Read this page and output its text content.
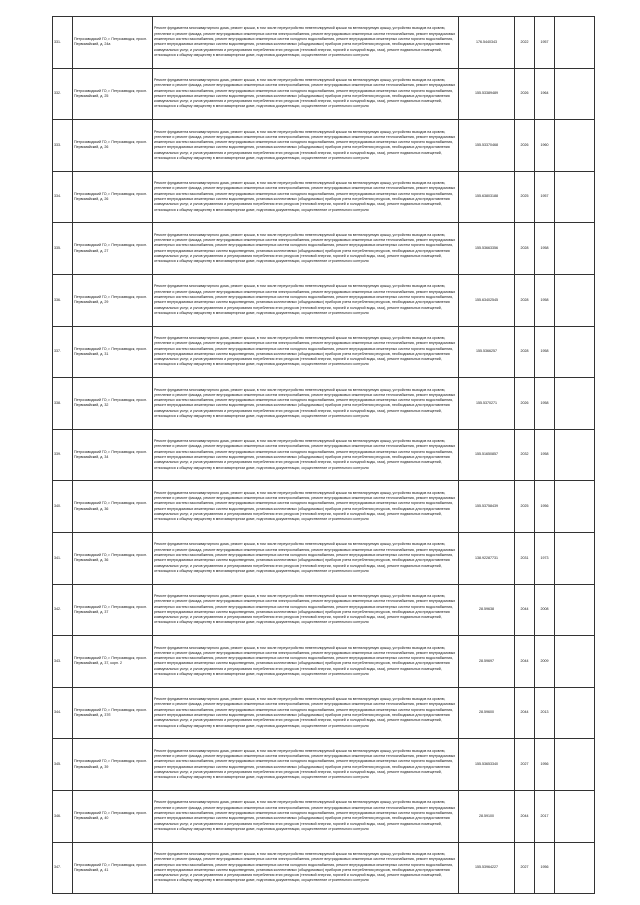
331.	Петрозаводский ГО, г. Петрозаводск, просп. Первомайский, д. 24а	Ремонт фундамента многоквартирного дома, ремонт крыши, в том числе переустройство невентилируемой крыши на вентилируемую крышу, устройство выходов на кровлю, утепление и ремонт фасада, ремонт внутридомовых инженерных систем электроснабжения, ремонт внутридомовых инженерных систем теплоснабжения, ремонт внутридомовых инженерных систем газоснабжения, ремонт внутридомовых инженерных систем холодного водоснабжения, ремонт внутридомовых инженерных систем горячего водоснабжения, ремонт внутридомовых инженерных систем водоотведения, установка коллективных (общедомовых) приборов учета потребления ресурсов, необходимых для предоставления коммунальных услуг, и узлов управления и регулирования потребления этих ресурсов (тепловой энергии, горячей и холодной воды, газа), ремонт подвальных помещений, относящихся к общему имуществу в многоквартирном доме, подготовка документации, осуществление строительного контроля	176.5440343	2022	1957	
332.	Петрозаводский ГО, г. Петрозаводск, просп. Первомайский, д. 25	Ремонт фундамента многоквартирного дома, ремонт крыши, в том числе переустройство невентилируемой крыши на вентилируемую крышу, устройство выходов на кровлю, утепление и ремонт фасада, ремонт внутридомовых инженерных систем электроснабжения, ремонт внутридомовых инженерных систем теплоснабжения, ремонт внутридомовых инженерных систем газоснабжения, ремонт внутридомовых инженерных систем холодного водоснабжения, ремонт внутридомовых инженерных систем горячего водоснабжения, ремонт внутридомовых инженерных систем водоотведения, установка коллективных (общедомовых) приборов учета потребления ресурсов, необходимых для предоставления коммунальных услуг, и узлов управления и регулирования потребления этих ресурсов (тепловой энергии, горячей и холодной воды, газа), ремонт подвальных помещений, относящихся к общему имуществу в многоквартирном доме, подготовка документации, осуществление строительного контроля	155.53389489	2026	1964	
333.	Петрозаводский ГО, г. Петрозаводск, просп. Первомайский, д. 26	Ремонт фундамента многоквартирного дома, ремонт крыши, в том числе переустройство невентилируемой крыши на вентилируемую крышу, устройство выходов на кровлю, утепление и ремонт фасада, ремонт внутридомовых инженерных систем электроснабжения, ремонт внутридомовых инженерных систем теплоснабжения, ремонт внутридомовых инженерных систем газоснабжения, ремонт внутридомовых инженерных систем холодного водоснабжения, ремонт внутридомовых инженерных систем горячего водоснабжения, ремонт внутридомовых инженерных систем водоотведения, установка коллективных (общедомовых) приборов учета потребления ресурсов, необходимых для предоставления коммунальных услуг, и узлов управления и регулирования потребления этих ресурсов (тепловой энергии, горячей и холодной воды, газа), ремонт подвальных помещений, относящихся к общему имуществу в многоквартирном доме, подготовка документации, осуществление строительного контроля	155.53370468	2026	1960	
334.	Петрозаводский ГО, г. Петрозаводск, просп. Первомайский, д. 26	Ремонт фундамента многоквартирного дома, ремонт крыши, в том числе переустройство невентилируемой крыши на вентилируемую крышу, устройство выходов на кровлю, утепление и ремонт фасада, ремонт внутридомовых инженерных систем электроснабжения, ремонт внутридомовых инженерных систем теплоснабжения, ремонт внутридомовых инженерных систем газоснабжения, ремонт внутридомовых инженерных систем холодного водоснабжения, ремонт внутридомовых инженерных систем горячего водоснабжения, ремонт внутридомовых инженерных систем водоотведения, установка коллективных (общедомовых) приборов учета потребления ресурсов, необходимых для предоставления коммунальных услуг, и узлов управления и регулирования потребления этих ресурсов (тепловой энергии, горячей и холодной воды, газа), ремонт подвальных помещений, относящихся к общему имуществу в многоквартирном доме, подготовка документации, осуществление строительного контроля	155.63803188	2025	1957	
335.	Петрозаводский ГО, г. Петрозаводск, просп. Первомайский, д. 27	Ремонт фундамента многоквартирного дома, ремонт крыши, в том числе переустройство невентилируемой крыши на вентилируемую крышу, устройство выходов на кровлю, утепление и ремонт фасада, ремонт внутридомовых инженерных систем электроснабжения, ремонт внутридомовых инженерных систем теплоснабжения, ремонт внутридомовых инженерных систем газоснабжения, ремонт внутридомовых инженерных систем холодного водоснабжения, ремонт внутридомовых инженерных систем горячего водоснабжения, ремонт внутридомовых инженерных систем водоотведения, установка коллективных (общедомовых) приборов учета потребления ресурсов, необходимых для предоставления коммунальных услуг, и узлов управления и регулирования потребления этих ресурсов (тепловой энергии, горячей и холодной воды, газа), ремонт подвальных помещений, относящихся к общему имуществу в многоквартирном доме, подготовка документации, осуществление строительного контроля	155.53663356	2028	1958	
336.	Петрозаводский ГО, г. Петрозаводск, просп. Первомайский, д. 29	Ремонт фундамента многоквартирного дома, ремонт крыши, в том числе переустройство невентилируемой крыши на вентилируемую крышу, устройство выходов на кровлю, утепление и ремонт фасада, ремонт внутридомовых инженерных систем электроснабжения, ремонт внутридомовых инженерных систем теплоснабжения, ремонт внутридомовых инженерных систем газоснабжения, ремонт внутридомовых инженерных систем холодного водоснабжения, ремонт внутридомовых инженерных систем горячего водоснабжения, ремонт внутридомовых инженерных систем водоотведения, установка коллективных (общедомовых) приборов учета потребления ресурсов, необходимых для предоставления коммунальных услуг, и узлов управления и регулирования потребления этих ресурсов (тепловой энергии, горячей и холодной воды, газа), ремонт подвальных помещений, относящихся к общему имуществу в многоквартирном доме, подготовка документации, осуществление строительного контроля	155.63402545	2028	1958	
337.	Петрозаводский ГО, г. Петрозаводск, просп. Первомайский, д. 31	Ремонт фундамента многоквартирного дома, ремонт крыши, в том числе переустройство невентилируемой крыши на вентилируемую крышу, устройство выходов на кровлю, утепление и ремонт фасада, ремонт внутридомовых инженерных систем электроснабжения, ремонт внутридомовых инженерных систем теплоснабжения, ремонт внутридомовых инженерных систем газоснабжения, ремонт внутридомовых инженерных систем холодного водоснабжения, ремонт внутридомовых инженерных систем горячего водоснабжения, ремонт внутридомовых инженерных систем водоотведения, установка коллективных (общедомовых) приборов учета потребления ресурсов, необходимых для предоставления коммунальных услуг, и узлов управления и регулирования потребления этих ресурсов (тепловой энергии, горячей и холодной воды, газа), ремонт подвальных помещений, относящихся к общему имуществу в многоквартирном доме, подготовка документации, осуществление строительного контроля	155.5366257	2028	1958	
338.	Петрозаводский ГО, г. Петрозаводск, просп. Первомайский, д. 32	Ремонт фундамента многоквартирного дома, ремонт крыши, в том числе переустройство невентилируемой крыши на вентилируемую крышу, устройство выходов на кровлю, утепление и ремонт фасада, ремонт внутридомовых инженерных систем электроснабжения, ремонт внутридомовых инженерных систем теплоснабжения, ремонт внутридомовых инженерных систем газоснабжения, ремонт внутридомовых инженерных систем холодного водоснабжения, ремонт внутридомовых инженерных систем горячего водоснабжения, ремонт внутридомовых инженерных систем водоотведения, установка коллективных (общедомовых) приборов учета потребления ресурсов, необходимых для предоставления коммунальных услуг, и узлов управления и регулирования потребления этих ресурсов (тепловой энергии, горячей и холодной воды, газа), ремонт подвальных помещений, относящихся к общему имуществу в многоквартирном доме, подготовка документации, осуществление строительного контроля	155.5370271	2026	1958	
339.	Петрозаводский ГО, г. Петрозаводск, просп. Первомайский, д. 34	Ремонт фундамента многоквартирного дома, ремонт крыши, в том числе переустройство невентилируемой крыши на вентилируемую крышу, устройство выходов на кровлю, утепление и ремонт фасада, ремонт внутридомовых инженерных систем электроснабжения, ремонт внутридомовых инженерных систем теплоснабжения, ремонт внутридомовых инженерных систем газоснабжения, ремонт внутридомовых инженерных систем холодного водоснабжения, ремонт внутридомовых инженерных систем горячего водоснабжения, ремонт внутридомовых инженерных систем водоотведения, установка коллективных (общедомовых) приборов учета потребления ресурсов, необходимых для предоставления коммунальных услуг, и узлов управления и регулирования потребления этих ресурсов (тепловой энергии, горячей и холодной воды, газа), ремонт подвальных помещений, относящихся к общему имуществу в многоквартирном доме, подготовка документации, осуществление строительного контроля	155.51650857	2032	1958	
340.	Петрозаводский ГО, г. Петрозаводск, просп. Первомайский, д. 36	Ремонт фундамента многоквартирного дома, ремонт крыши, в том числе переустройство невентилируемой крыши на вентилируемую крышу, устройство выходов на кровлю, утепление и ремонт фасада, ремонт внутридомовых инженерных систем электроснабжения, ремонт внутридомовых инженерных систем теплоснабжения, ремонт внутридомовых инженерных систем газоснабжения, ремонт внутридомовых инженерных систем холодного водоснабжения, ремонт внутридомовых инженерных систем горячего водоснабжения, ремонт внутридомовых инженерных систем водоотведения, установка коллективных (общедомовых) приборов учета потребления ресурсов, необходимых для предоставления коммунальных услуг, и узлов управления и регулирования потребления этих ресурсов (тепловой энергии, горячей и холодной воды, газа), ремонт подвальных помещений, относящихся к общему имуществу в многоквартирном доме, подготовка документации, осуществление строительного контроля	155.53758439	2025	1956	
341.	Петрозаводский ГО, г. Петрозаводск, просп. Первомайский, д. 36	Ремонт фундамента многоквартирного дома, ремонт крыши, в том числе переустройство невентилируемой крыши на вентилируемую крышу, устройство выходов на кровлю, утепление и ремонт фасада, ремонт внутридомовых инженерных систем электроснабжения, ремонт внутридомовых инженерных систем теплоснабжения, ремонт внутридомовых инженерных систем газоснабжения, ремонт внутридомовых инженерных систем холодного водоснабжения, ремонт внутридомовых инженерных систем горячего водоснабжения, ремонт внутридомовых инженерных систем водоотведения, установка коллективных (общедомовых) приборов учета потребления ресурсов, необходимых для предоставления коммунальных услуг, и узлов управления и регулирования потребления этих ресурсов (тепловой энергии, горячей и холодной воды, газа), ремонт подвальных помещений, относящихся к общему имуществу в многоквартирном доме, подготовка документации, осуществление строительного контроля	138.92287731	2031	1973	
342.	Петрозаводский ГО, г. Петрозаводск, просп. Первомайский, д. 37	Ремонт фундамента многоквартирного дома, ремонт крыши, в том числе переустройство невентилируемой крыши на вентилируемую крышу, устройство выходов на кровлю, утепление и ремонт фасада, ремонт внутридомовых инженерных систем электроснабжения, ремонт внутридомовых инженерных систем теплоснабжения, ремонт внутридомовых инженерных систем газоснабжения, ремонт внутридомовых инженерных систем холодного водоснабжения, ремонт внутридомовых инженерных систем горячего водоснабжения, ремонт внутридомовых инженерных систем водоотведения, установка коллективных (общедомовых) приборов учета потребления ресурсов, необходимых для предоставления коммунальных услуг, и узлов управления и регулирования потребления этих ресурсов (тепловой энергии, горячей и холодной воды, газа), ремонт подвальных помещений, относящихся к общему имуществу в многоквартирном доме, подготовка документации, осуществление строительного контроля	28.59638	2044	2008	
343.	Петрозаводский ГО, г. Петрозаводск, просп. Первомайский, д. 37, корп. 2	Ремонт фундамента многоквартирного дома, ремонт крыши, в том числе переустройство невентилируемой крыши на вентилируемую крышу, устройство выходов на кровлю, утепление и ремонт фасада, ремонт внутридомовых инженерных систем электроснабжения, ремонт внутридомовых инженерных систем теплоснабжения, ремонт внутридомовых инженерных систем газоснабжения, ремонт внутридомовых инженерных систем холодного водоснабжения, ремонт внутридомовых инженерных систем горячего водоснабжения, ремонт внутридомовых инженерных систем водоотведения, установка коллективных (общедомовых) приборов учета потребления ресурсов, необходимых для предоставления коммунальных услуг, и узлов управления и регулирования потребления этих ресурсов (тепловой энергии, горячей и холодной воды, газа), ремонт подвальных помещений, относящихся к общему имуществу в многоквартирном доме, подготовка документации, осуществление строительного контроля	28.59697	2044	2009	
344.	Петрозаводский ГО, г. Петрозаводск, просп. Первомайский, д. 37б	Ремонт фундамента многоквартирного дома, ремонт крыши, в том числе переустройство невентилируемой крыши на вентилируемую крышу, устройство выходов на кровлю, утепление и ремонт фасада, ремонт внутридомовых инженерных систем электроснабжения, ремонт внутридомовых инженерных систем теплоснабжения, ремонт внутридомовых инженерных систем газоснабжения, ремонт внутридомовых инженерных систем холодного водоснабжения, ремонт внутридомовых инженерных систем горячего водоснабжения, ремонт внутридомовых инженерных систем водоотведения, установка коллективных (общедомовых) приборов учета потребления ресурсов, необходимых для предоставления коммунальных услуг, и узлов управления и регулирования потребления этих ресурсов (тепловой энергии, горячей и холодной воды, газа), ремонт подвальных помещений, относящихся к общему имуществу в многоквартирном доме, подготовка документации, осуществление строительного контроля	28.59600	2044	2013	
345.	Петрозаводский ГО, г. Петрозаводск, просп. Первомайский, д. 39	Ремонт фундамента многоквартирного дома, ремонт крыши, в том числе переустройство невентилируемой крыши на вентилируемую крышу, устройство выходов на кровлю, утепление и ремонт фасада, ремонт внутридомовых инженерных систем электроснабжения, ремонт внутридомовых инженерных систем теплоснабжения, ремонт внутридомовых инженерных систем газоснабжения, ремонт внутридомовых инженерных систем холодного водоснабжения, ремонт внутридомовых инженерных систем горячего водоснабжения, ремонт внутридомовых инженерных систем водоотведения, установка коллективных (общедомовых) приборов учета потребления ресурсов, необходимых для предоставления коммунальных услуг, и узлов управления и регулирования потребления этих ресурсов (тепловой энергии, горячей и холодной воды, газа), ремонт подвальных помещений, относящихся к общему имуществу в многоквартирном доме, подготовка документации, осуществление строительного контроля	155.53653340	2027	1956	
346.	Петрозаводский ГО, г. Петрозаводск, просп. Первомайский, д. 40	Ремонт фундамента многоквартирного дома, ремонт крыши, в том числе переустройство невентилируемой крыши на вентилируемую крышу, устройство выходов на кровлю, утепление и ремонт фасада, ремонт внутридомовых инженерных систем электроснабжения, ремонт внутридомовых инженерных систем теплоснабжения, ремонт внутридомовых инженерных систем газоснабжения, ремонт внутридомовых инженерных систем холодного водоснабжения, ремонт внутридомовых инженерных систем горячего водоснабжения, ремонт внутридомовых инженерных систем водоотведения, установка коллективных (общедомовых) приборов учета потребления ресурсов, необходимых для предоставления коммунальных услуг, и узлов управления и регулирования потребления этих ресурсов (тепловой энергии, горячей и холодной воды, газа), ремонт подвальных помещений, относящихся к общему имуществу в многоквартирном доме, подготовка документации, осуществление строительного контроля	28.59100	2044	2017	
347.	Петрозаводский ГО, г. Петрозаводск, просп. Первомайский, д. 41	Ремонт фундамента многоквартирного дома, ремонт крыши, в том числе переустройство невентилируемой крыши на вентилируемую крышу, устройство выходов на кровлю, утепление и ремонт фасада, ремонт внутридомовых инженерных систем электроснабжения, ремонт внутридомовых инженерных систем теплоснабжения, ремонт внутридомовых инженерных систем газоснабжения, ремонт внутридомовых инженерных систем холодного водоснабжения, ремонт внутридомовых инженерных систем горячего водоснабжения, ремонт внутридомовых инженерных систем водоотведения, установка коллективных (общедомовых) приборов учета потребления ресурсов, необходимых для предоставления коммунальных услуг, и узлов управления и регулирования потребления этих ресурсов (тепловой энергии, горячей и холодной воды, газа), ремонт подвальных помещений, относящихся к общему имуществу в многоквартирном доме, подготовка документации, осуществление строительного контроля	155.53964227	2027	1956	
